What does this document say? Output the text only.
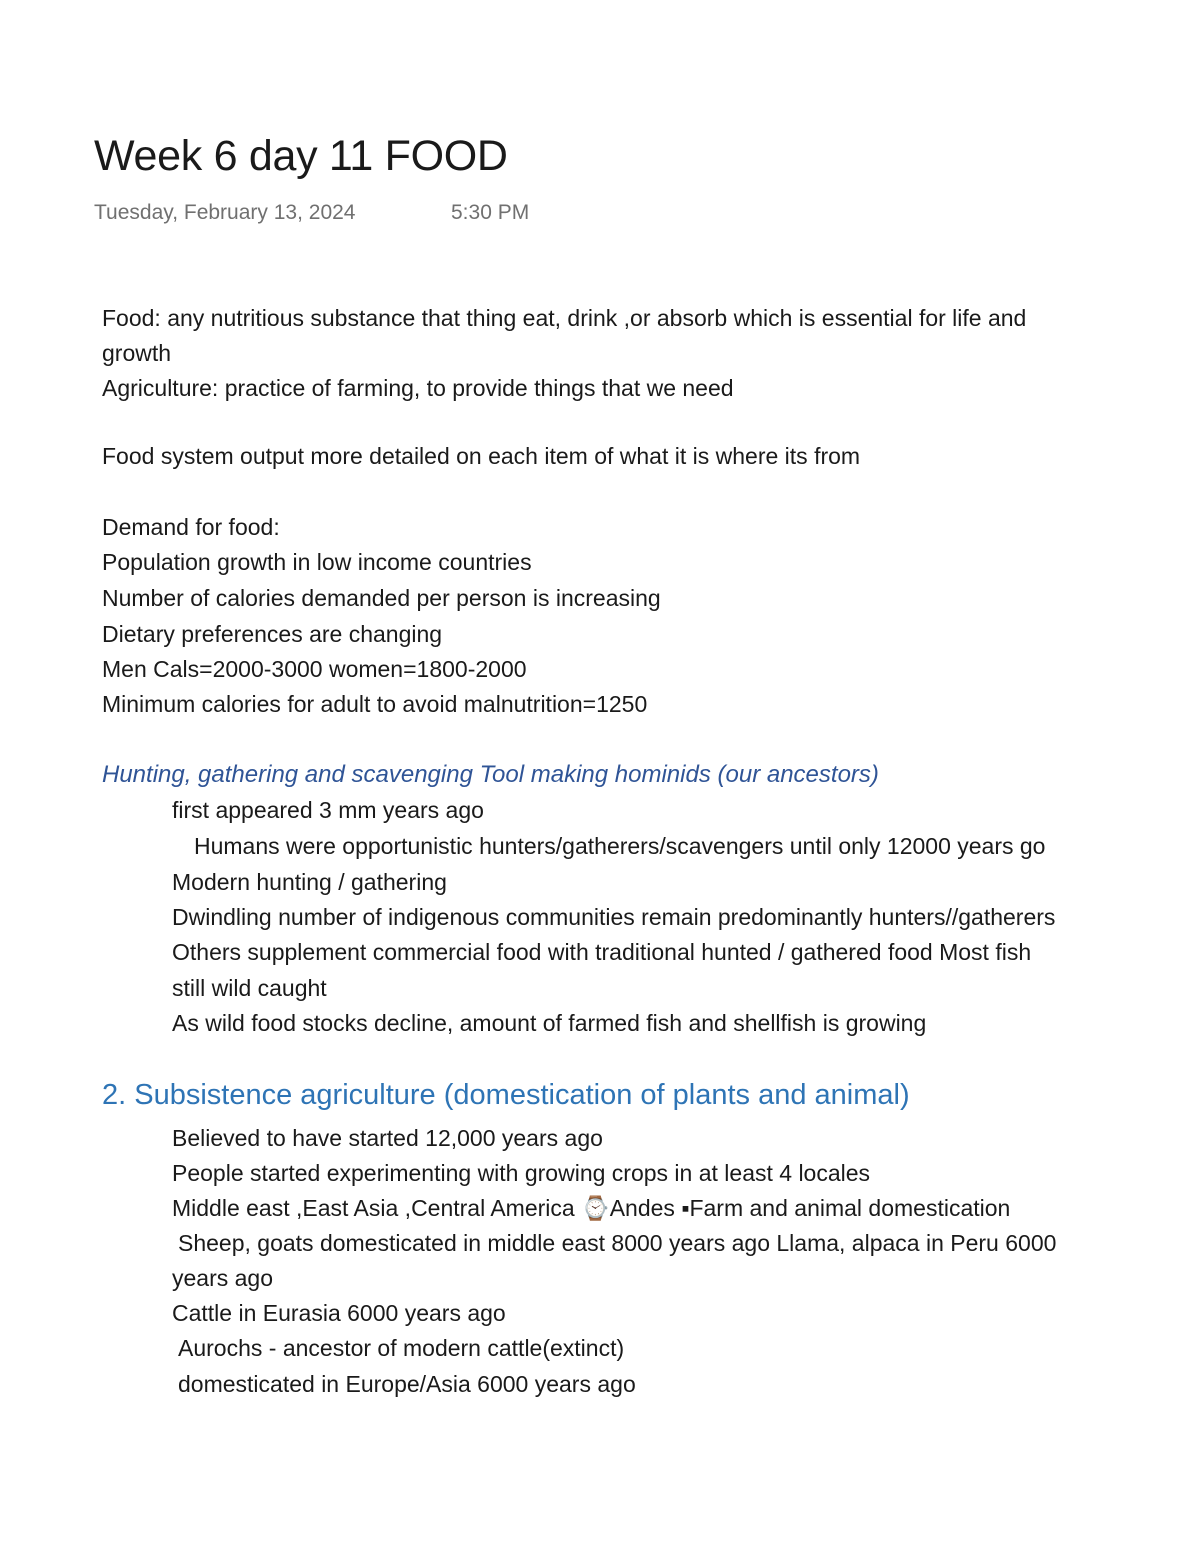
Week 6 day 11 FOOD
Tuesday, February 13, 2024	5:30 PM
Food: any nutritious substance that thing eat, drink ,or absorb which is essential for life and
growth
Agriculture: practice of farming, to provide things that we need
Food system output more detailed on each item of what it is where its from
Demand for food:
Population growth in low income countries
Number of calories demanded per person is increasing
Dietary preferences are changing
Men Cals=2000-3000 women=1800-2000
Minimum calories for adult to avoid malnutrition=1250
Hunting, gathering and scavenging Tool making hominids (our ancestors)
first appeared 3 mm years ago
Humans were opportunistic hunters/gatherers/scavengers until only 12000 years go
Modern hunting / gathering
Dwindling number of indigenous communities remain predominantly hunters//gatherers
Others supplement commercial food with traditional hunted / gathered food Most fish
still wild caught
As wild food stocks decline, amount of farmed fish and shellfish is growing
2. Subsistence agriculture (domestication of plants and animal)
Believed to have started 12,000 years ago
People started experimenting with growing crops in at least 4 locales
Middle east ,East Asia ,Central America ⌚Andes ▪Farm and animal domestication
Sheep, goats domesticated in middle east 8000 years ago Llama, alpaca in Peru 6000
years ago
Cattle in Eurasia 6000 years ago
Aurochs - ancestor of modern cattle(extinct)
domesticated in Europe/Asia 6000 years ago
